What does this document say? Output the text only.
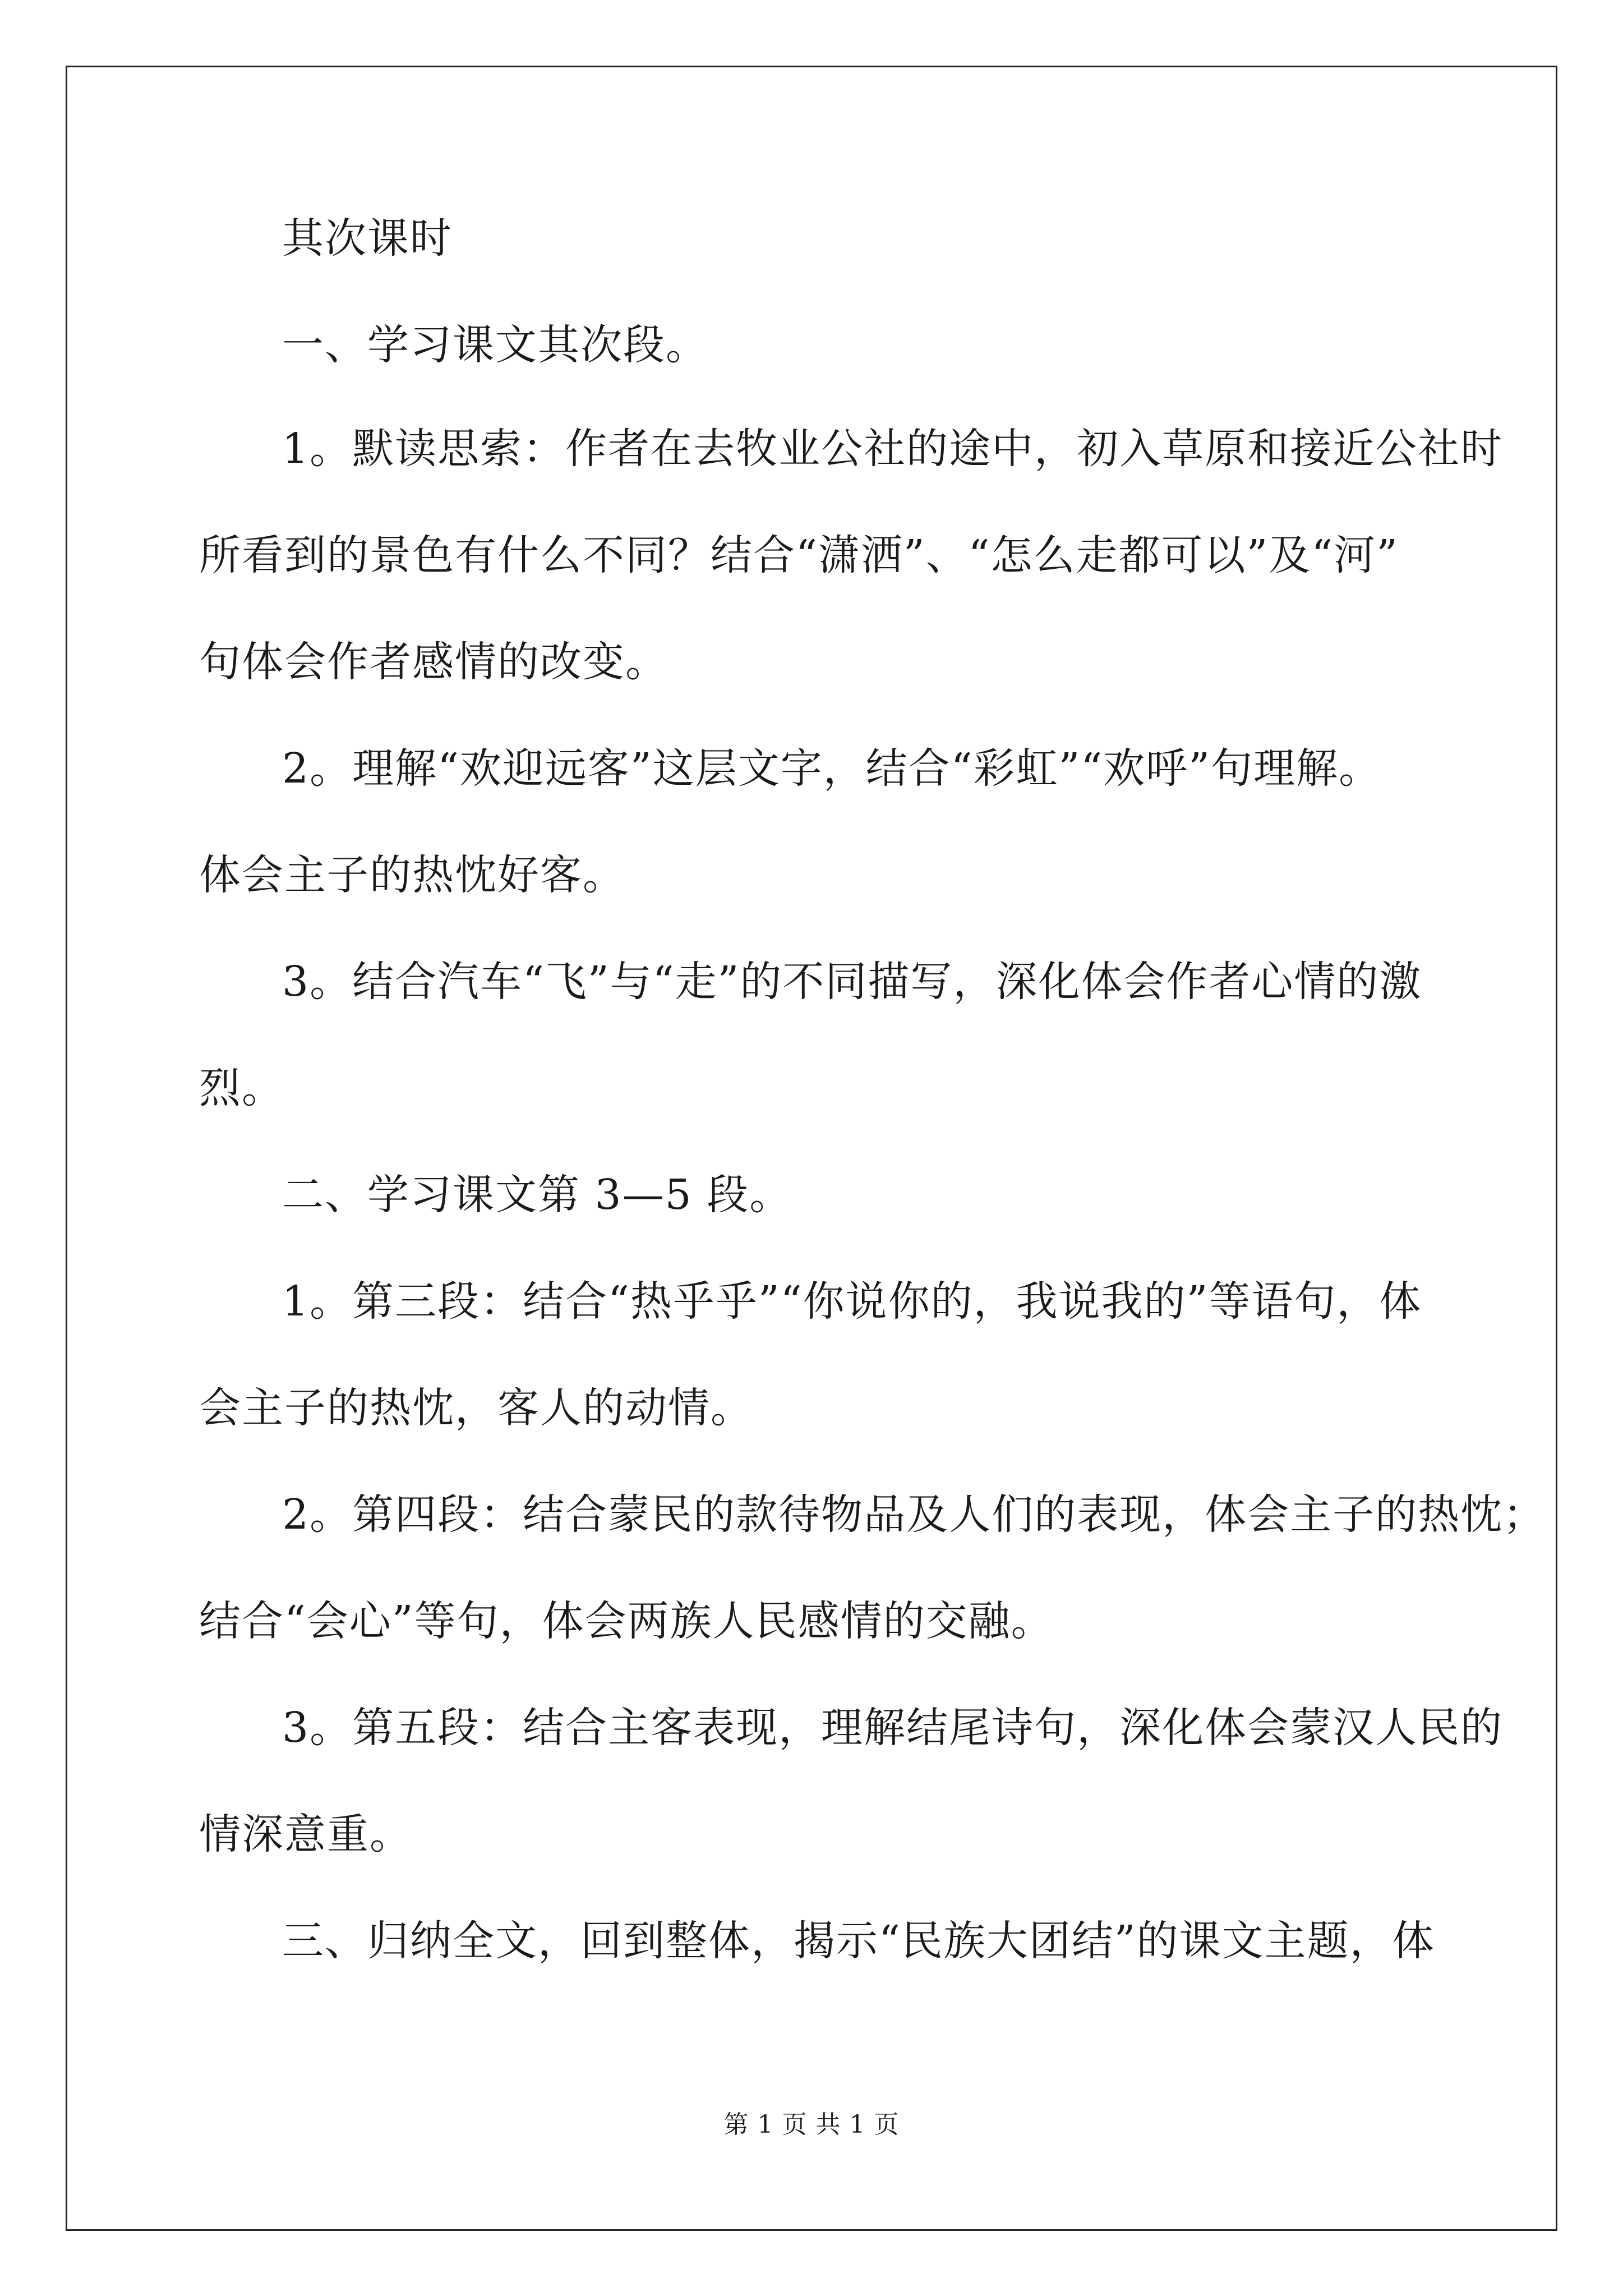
其次课时
一、学习课文其次段。
1。默读思索：作者在去牧业公社的途中，初入草原和接近公社时
所看到的景色有什么不同？结合“潇洒”、“怎么走都可以”及“河”
句体会作者感情的改变。
2。理解“欢迎远客”这层文字，结合“彩虹”“欢呼”句理解。
体会主子的热忱好客。
3。结合汽车“飞”与“走”的不同描写，深化体会作者心情的激
烈。
二、学习课文第 3—5 段。
1。第三段：结合“热乎乎”“你说你的，我说我的”等语句，体
会主子的热忱，客人的动情。
2。第四段：结合蒙民的款待物品及人们的表现，体会主子的热忱；
结合“会心”等句，体会两族人民感情的交融。
3。第五段：结合主客表现，理解结尾诗句，深化体会蒙汉人民的
情深意重。
三、归纳全文，回到整体，揭示“民族大团结”的课文主题，体
第 1 页 共 1 页
